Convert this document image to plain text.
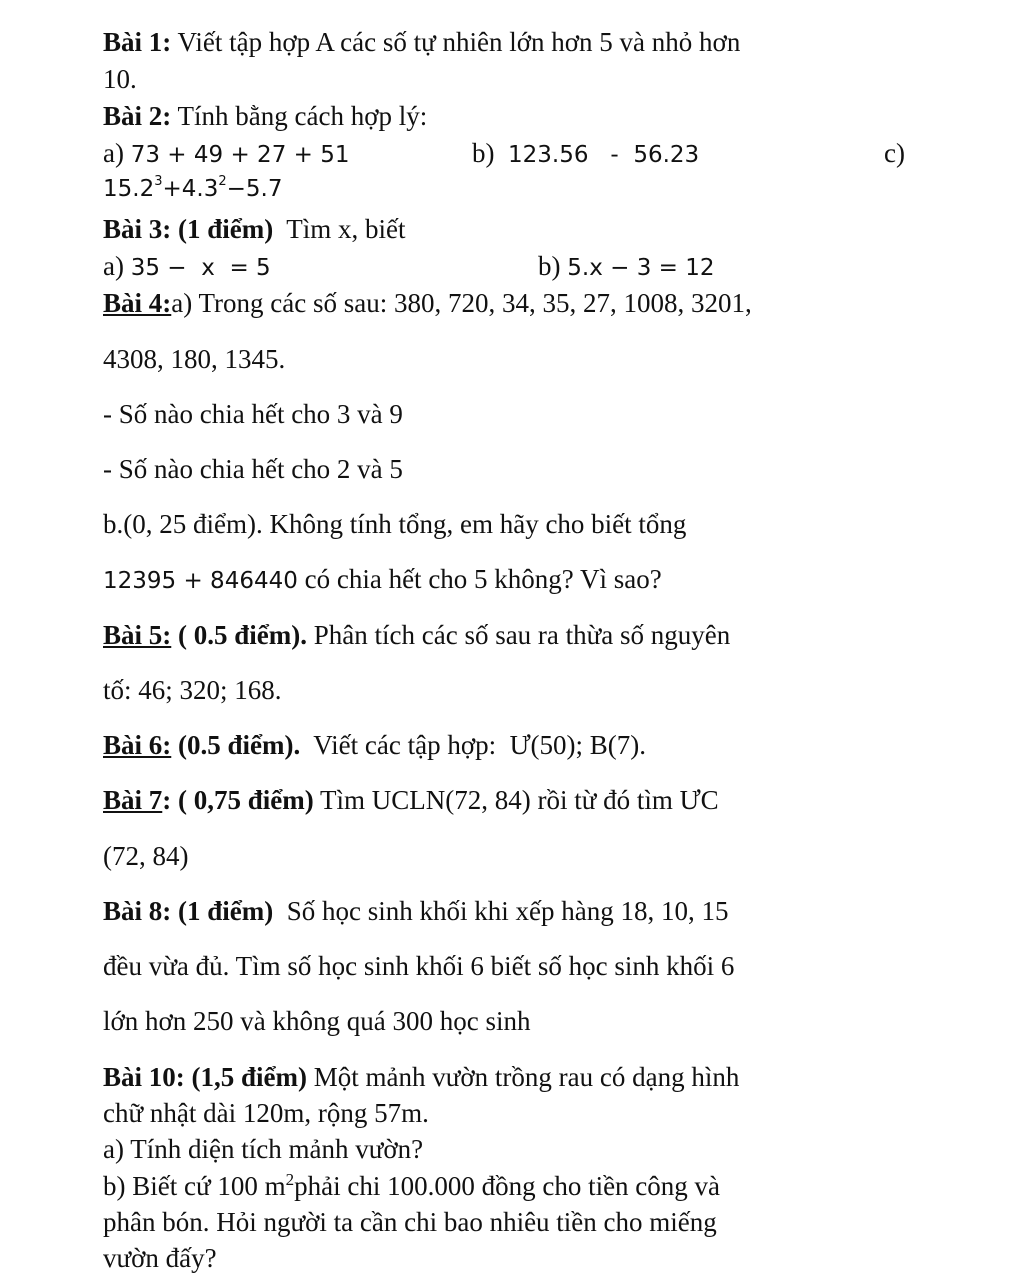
Bài 1: Viết tập hợp A các số tự nhiên lớn hơn 5 và nhỏ hơn

10.

Bài 2: Tính bằng cách hợp lý:

a) 73 + 49 + 27 + 51	b) 123.56   -  56.23	c)

$15.2^3+4.3^2-5.7$

Bài 3: (1 điểm)  Tìm x, biết

a) 35 −  x  = 5	b) 5.x − 3 = 12

Bài 4:a) Trong các số sau: 380, 720, 34, 35, 27, 1008, 3201,

4308, 180, 1345.

- Số nào chia hết cho 3 và 9

- Số nào chia hết cho 2 và 5

b.(0, 25 điểm). Không tính tổng, em hãy cho biết tổng

12395 + 846440 có chia hết cho 5 không? Vì sao?

Bài 5: ( 0.5 điểm). Phân tích các số sau ra thừa số nguyên

tố: 46; 320; 168.

Bài 6: (0.5 điểm).  Viết các tập hợp:  Ư(50); B(7).

Bài 7: ( 0,75 điểm) Tìm UCLN(72, 84) rồi từ đó tìm ƯC

(72, 84)

Bài 8: (1 điểm)  Số học sinh khối khi xếp hàng 18, 10, 15

đều vừa đủ. Tìm số học sinh khối 6 biết số học sinh khối 6

lớn hơn 250 và không quá 300 học sinh

Bài 10: (1,5 điểm) Một mảnh vườn trồng rau có dạng hình

chữ nhật dài 120m, rộng 57m.

a) Tính diện tích mảnh vườn?

b) Biết cứ 100 $m^2phải$ chi 100.000 đồng cho tiền công và

phân bón. Hỏi người ta cần chi bao nhiêu tiền cho miếng

vườn đấy?
